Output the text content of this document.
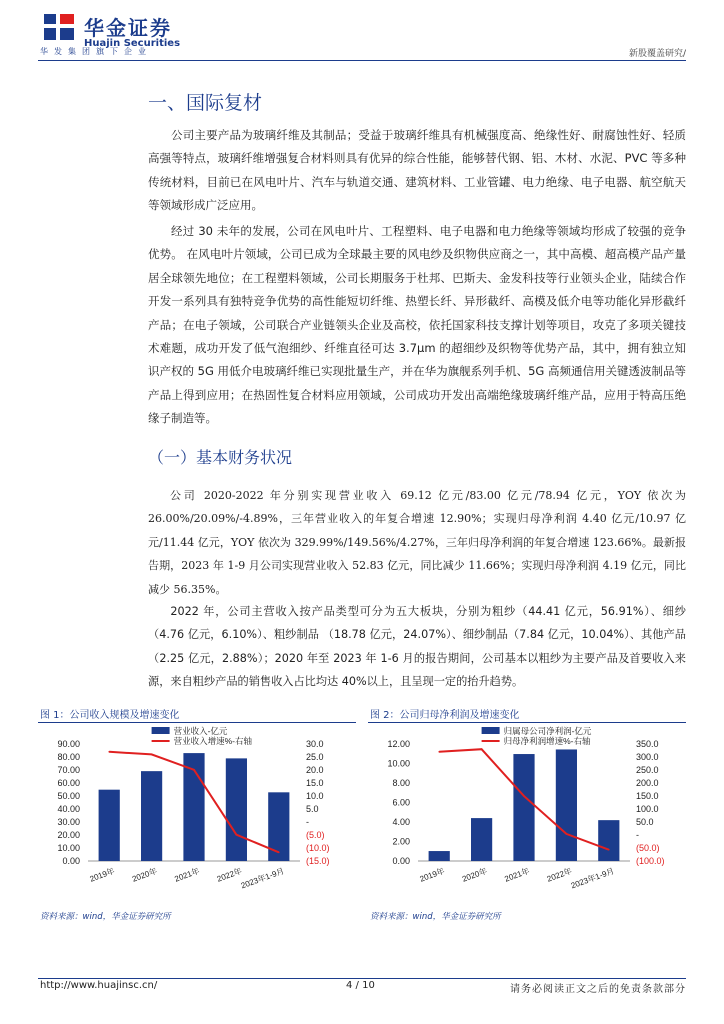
华金证券
Huajin Securities
华发集团旗下企业	新股覆盖研究/
一、国际复材

公司主要产品为玻璃纤维及其制品；受益于玻璃纤维具有机械强度高、绝缘性好、耐腐蚀性好、轻质高强等特点，玻璃纤维增强复合材料则具有优异的综合性能，能够替代钢、铝、木材、水泥、PVC 等多种传统材料，目前已在风电叶片、汽车与轨道交通、建筑材料、工业管罐、电力绝缘、电子电器、航空航天等领域形成广泛应用。

经过 30 未年的发展，公司在风电叶片、工程塑料、电子电器和电力绝缘等领域均形成了较强的竞争优势。 在风电叶片领域，公司已成为全球最主要的风电纱及织物供应商之一，其中高模、超高模产品产量居全球领先地位；在工程塑料领域，公司长期服务于杜邦、巴斯夫、金发科技等行业领头企业，陆续合作开发一系列具有独特竞争优势的高性能短切纤维、热塑长纤、异形截纤、高模及低介电等功能化异形截纤产品；在电子领域，公司联合产业链领头企业及高校，依托国家科技支撑计划等项目，攻克了多项关键技术难题，成功开发了低气泡细纱、纤维直径可达 3.7μm 的超细纱及织物等优势产品，其中，拥有独立知识产权的 5G 用低介电玻璃纤维已实现批量生产，并在华为旗舰系列手机、5G 高频通信用关键透波制品等产品上得到应用；在热固性复合材料应用领域，公司成功开发出高端绝缘玻璃纤维产品，应用于特高压绝缘子制造等。

（一）基本财务状况

公司 2020-2022 年分别实现营业收入 69.12 亿元/83.00 亿元/78.94 亿元，YOY 依次为 26.00%/20.09%/-4.89%，三年营业收入的年复合增速 12.90%；实现归母净利润 4.40 亿元/10.97 亿元/11.44 亿元，YOY 依次为 329.99%/149.56%/4.27%，三年归母净利润的年复合增速 123.66%。最新报告期，2023 年 1-9 月公司实现营业收入 52.83 亿元，同比减少 11.66%；实现归母净利润 4.19 亿元，同比减少 56.35%。

2022 年，公司主营收入按产品类型可分为五大板块，分别为粗纱（44.41 亿元，56.91%）、细纱（4.76 亿元，6.10%）、粗纱制品 （18.78 亿元，24.07%）、细纱制品（7.84 亿元，10.04%）、其他产品（2.25 亿元，2.88%）；2020 年至 2023 年 1-6 月的报告期间，公司基本以粗纱为主要产品及首要收入来源，来自粗纱产品的销售收入占比均达 40%以上，且呈现一定的抬升趋势。

图 1：公司收入规模及增速变化
0.00
10.00
20.00
30.00
40.00
50.00
60.00
70.00
80.00
90.00
(15.0)
(10.0)
(5.0)
-
5.0
10.0
15.0
20.0
25.0
30.0
2019年 2020年 2021年 2022年
2023年1-9月
营业收入-亿元
营业收入增速%-右轴
资料来源：wind，华金证券研究所
图 2：公司归母净利润及增速变化
0.00
2.00
4.00
6.00
8.00
10.00
12.00
(100.0)
(50.0)
-
50.0
100.0
150.0
200.0
250.0
300.0
350.0
2019年 2020年 2021年 2022年
2023年1-9月
归属母公司净利润-亿元
归母净利润增速%-右轴
资料来源：wind，华金证券研究所
http://www.huajinsc.cn/	4 / 10	请务必阅读正文之后的免责条款部分
